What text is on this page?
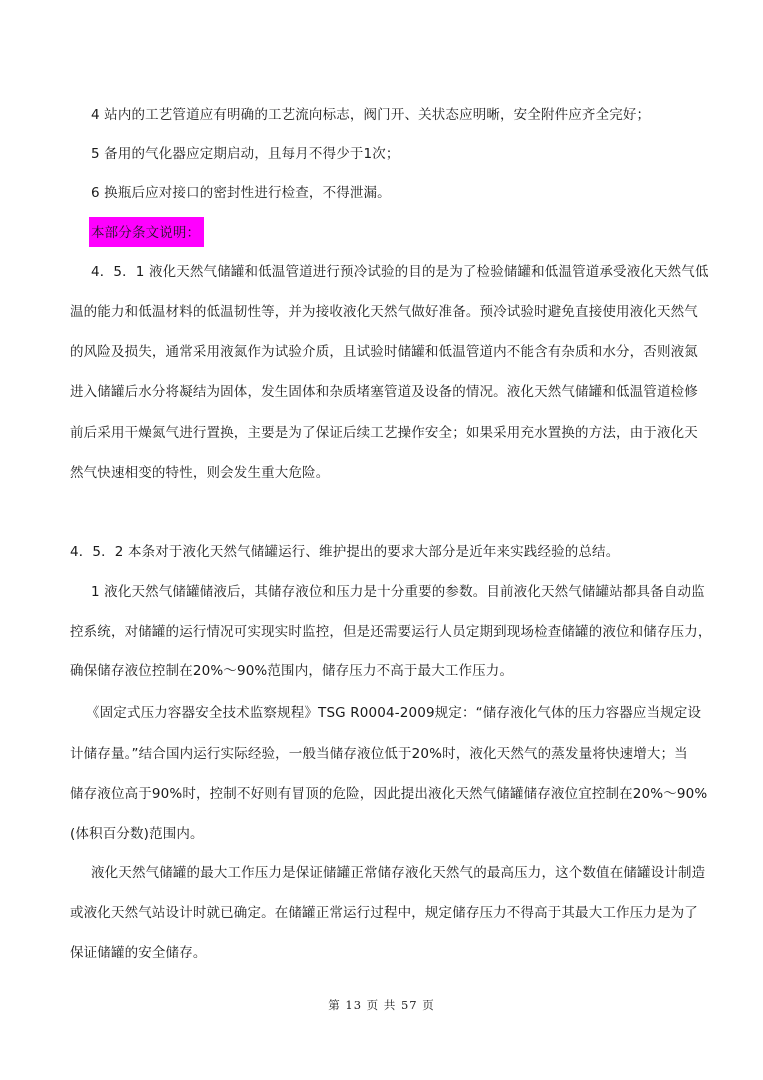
4 站内的工艺管道应有明确的工艺流向标志，阀门开、关状态应明晰，安全附件应齐全完好；
5 备用的气化器应定期启动，且每月不得少于1次；
6 换瓶后应对接口的密封性进行检查，不得泄漏。
本部分条文说明：
4．5．1 液化天然气储罐和低温管道进行预冷试验的目的是为了检验储罐和低温管道承受液化天然气低
温的能力和低温材料的低温韧性等，并为接收液化天然气做好准备。预冷试验时避免直接使用液化天然气
的风险及损失，通常采用液氮作为试验介质，且试验时储罐和低温管道内不能含有杂质和水分，否则液氮
进入储罐后水分将凝结为固体，发生固体和杂质堵塞管道及设备的情况。液化天然气储罐和低温管道检修
前后采用干燥氮气进行置换，主要是为了保证后续工艺操作安全；如果采用充水置换的方法，由于液化天
然气快速相变的特性，则会发生重大危险。
4．5．2 本条对于液化天然气储罐运行、维护提出的要求大部分是近年来实践经验的总结。
1 液化天然气储罐储液后，其储存液位和压力是十分重要的参数。目前液化天然气储罐站都具备自动监
控系统，对储罐的运行情况可实现实时监控，但是还需要运行人员定期到现场检查储罐的液位和储存压力，
确保储存液位控制在20%～90%范围内，储存压力不高于最大工作压力。
《固定式压力容器安全技术监察规程》TSG R0004-2009规定：“储存液化气体的压力容器应当规定设
计储存量。”结合国内运行实际经验，一般当储存液位低于20%时，液化天然气的蒸发量将快速增大；当
储存液位高于90%时，控制不好则有冒顶的危险，因此提出液化天然气储罐储存液位宜控制在20%～90%
(体积百分数)范围内。
液化天然气储罐的最大工作压力是保证储罐正常储存液化天然气的最高压力，这个数值在储罐设计制造
或液化天然气站设计时就已确定。在储罐正常运行过程中，规定储存压力不得高于其最大工作压力是为了
保证储罐的安全储存。
第 13 页 共 57 页
